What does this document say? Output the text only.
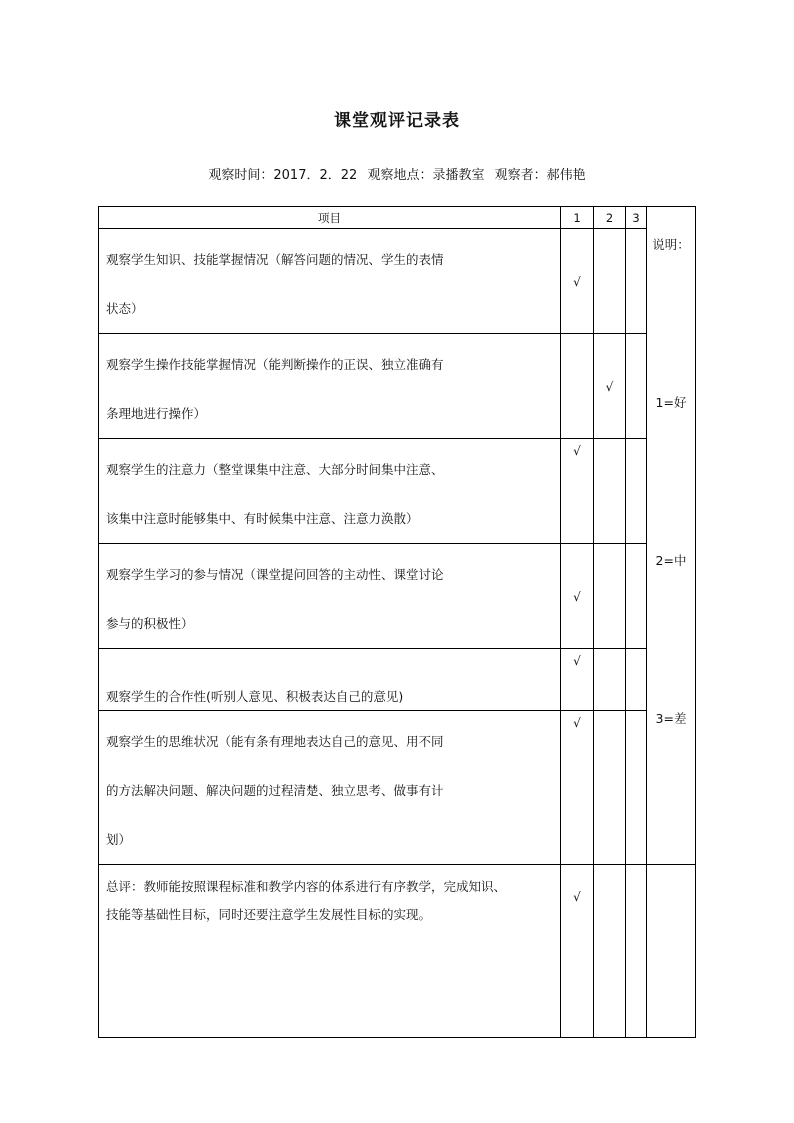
课堂观评记录表
观察时间：2017．2．22 观察地点：录播教室 观察者：郝伟艳
项目	1	2	3	说明：
1=好
2=中
3=差

观察学生知识、技能掌握情况（解答问题的情况、学生的表情
状态）	√			

观察学生操作技能掌握情况（能判断操作的正误、独立准确有
条理地进行操作）		√		

观察学生的注意力（整堂课集中注意、大部分时间集中注意、
该集中注意时能够集中、有时候集中注意、注意力涣散）	√			

观察学生学习的参与情况（课堂提问回答的主动性、课堂讨论
参与的积极性）	√			

观察学生的合作性(听别人意见、积极表达自己的意见)	√			

观察学生的思维状况（能有条有理地表达自己的意见、用不同
的方法解决问题、解决问题的过程清楚、独立思考、做事有计
划）	√			

总评：教师能按照课程标准和教学内容的体系进行有序教学，完成知识、
技能等基础性目标，同时还要注意学生发展性目标的实现。	√			
